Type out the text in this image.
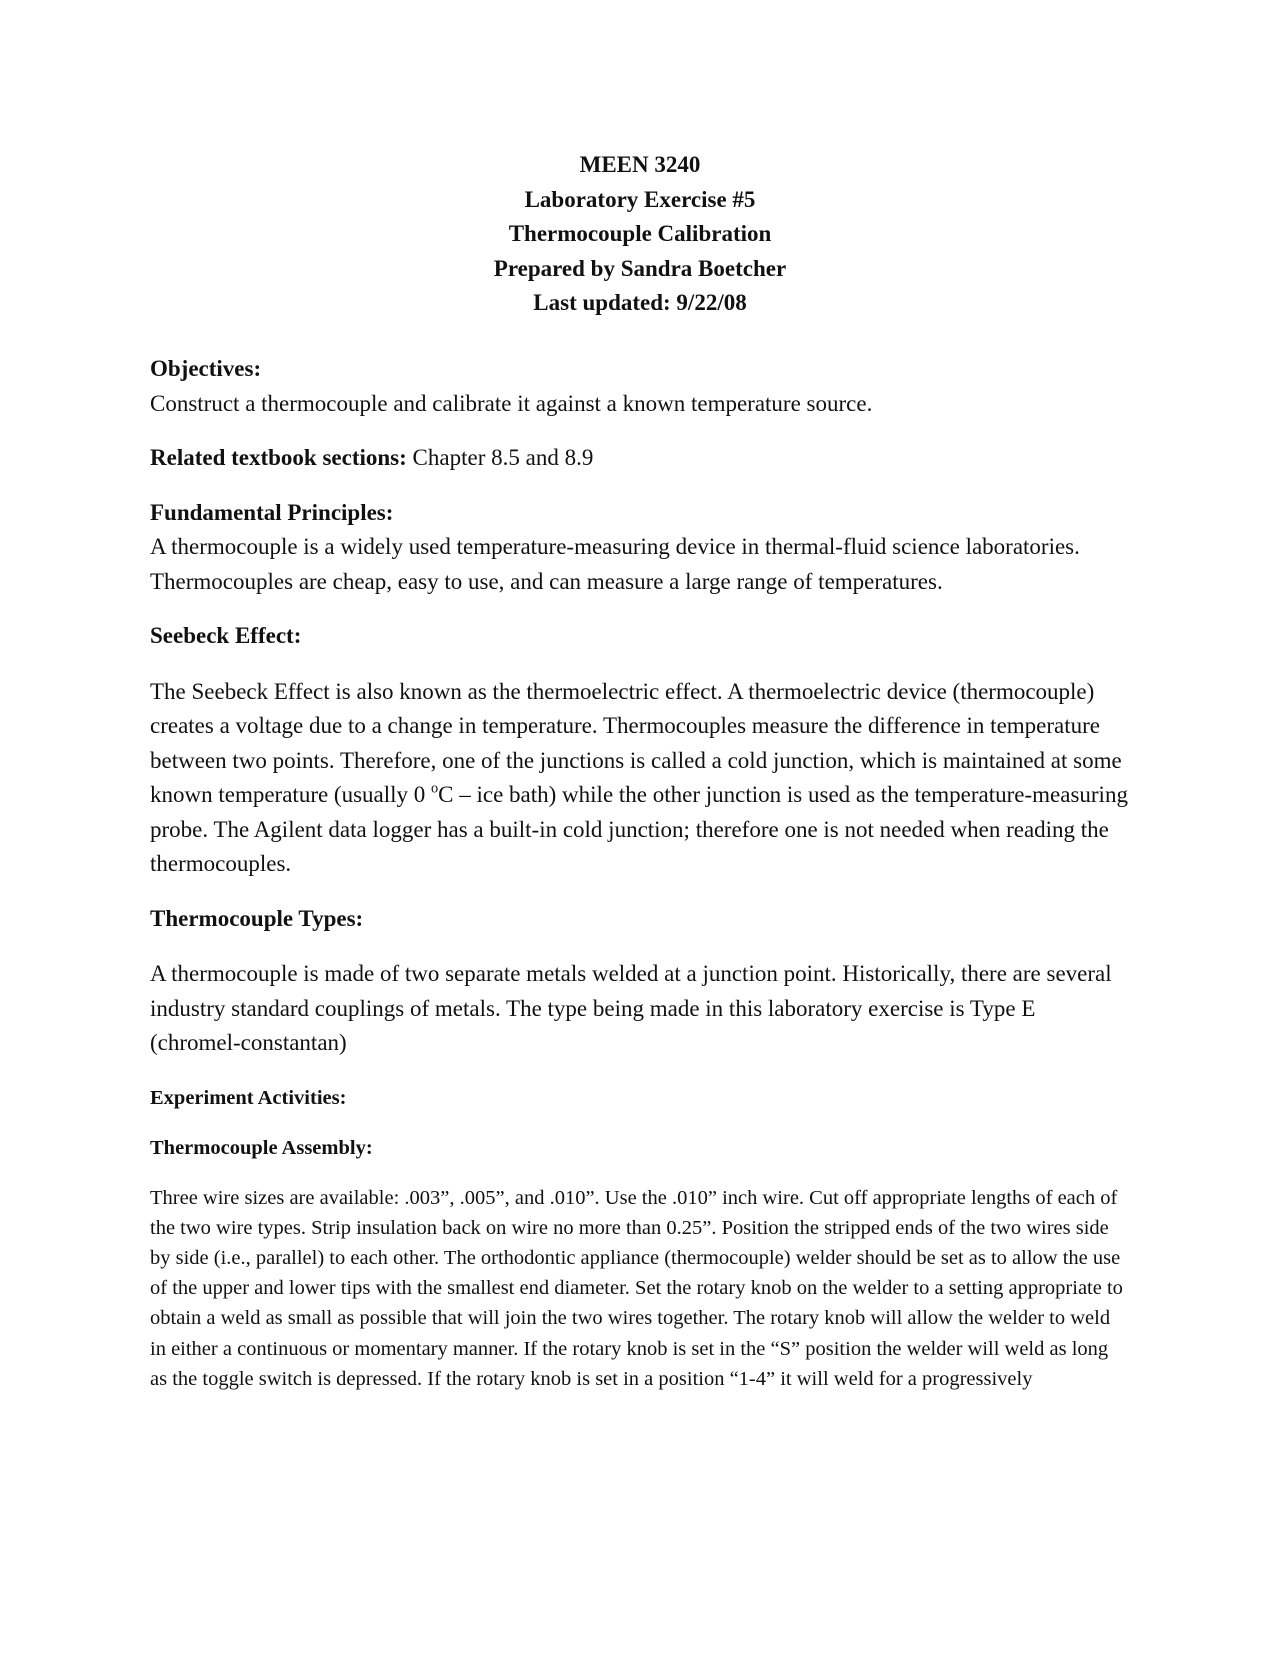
MEEN 3240
Laboratory Exercise #5
Thermocouple Calibration
Prepared by Sandra Boetcher
Last updated: 9/22/08
Objectives:
Construct a thermocouple and calibrate it against a known temperature source.
Related textbook sections: Chapter 8.5 and 8.9
Fundamental Principles:
A thermocouple is a widely used temperature-measuring device in thermal-fluid science laboratories. Thermocouples are cheap, easy to use, and can measure a large range of temperatures.
Seebeck Effect:
The Seebeck Effect is also known as the thermoelectric effect. A thermoelectric device (thermocouple) creates a voltage due to a change in temperature. Thermocouples measure the difference in temperature between two points. Therefore, one of the junctions is called a cold junction, which is maintained at some known temperature (usually 0 $^o$C – ice bath) while the other junction is used as the temperature-measuring probe. The Agilent data logger has a built-in cold junction; therefore one is not needed when reading the thermocouples.
Thermocouple Types:
A thermocouple is made of two separate metals welded at a junction point. Historically, there are several industry standard couplings of metals. The type being made in this laboratory exercise is Type E (chromel-constantan)
Experiment Activities:
Thermocouple Assembly:
Three wire sizes are available: .003”, .005”, and .010”. Use the .010” inch wire. Cut off appropriate lengths of each of the two wire types. Strip insulation back on wire no more than 0.25”. Position the stripped ends of the two wires side by side (i.e., parallel) to each other. The orthodontic appliance (thermocouple) welder should be set as to allow the use of the upper and lower tips with the smallest end diameter. Set the rotary knob on the welder to a setting appropriate to obtain a weld as small as possible that will join the two wires together. The rotary knob will allow the welder to weld in either a continuous or momentary manner. If the rotary knob is set in the “S” position the welder will weld as long as the toggle switch is depressed. If the rotary knob is set in a position “1-4” it will weld for a progressively
